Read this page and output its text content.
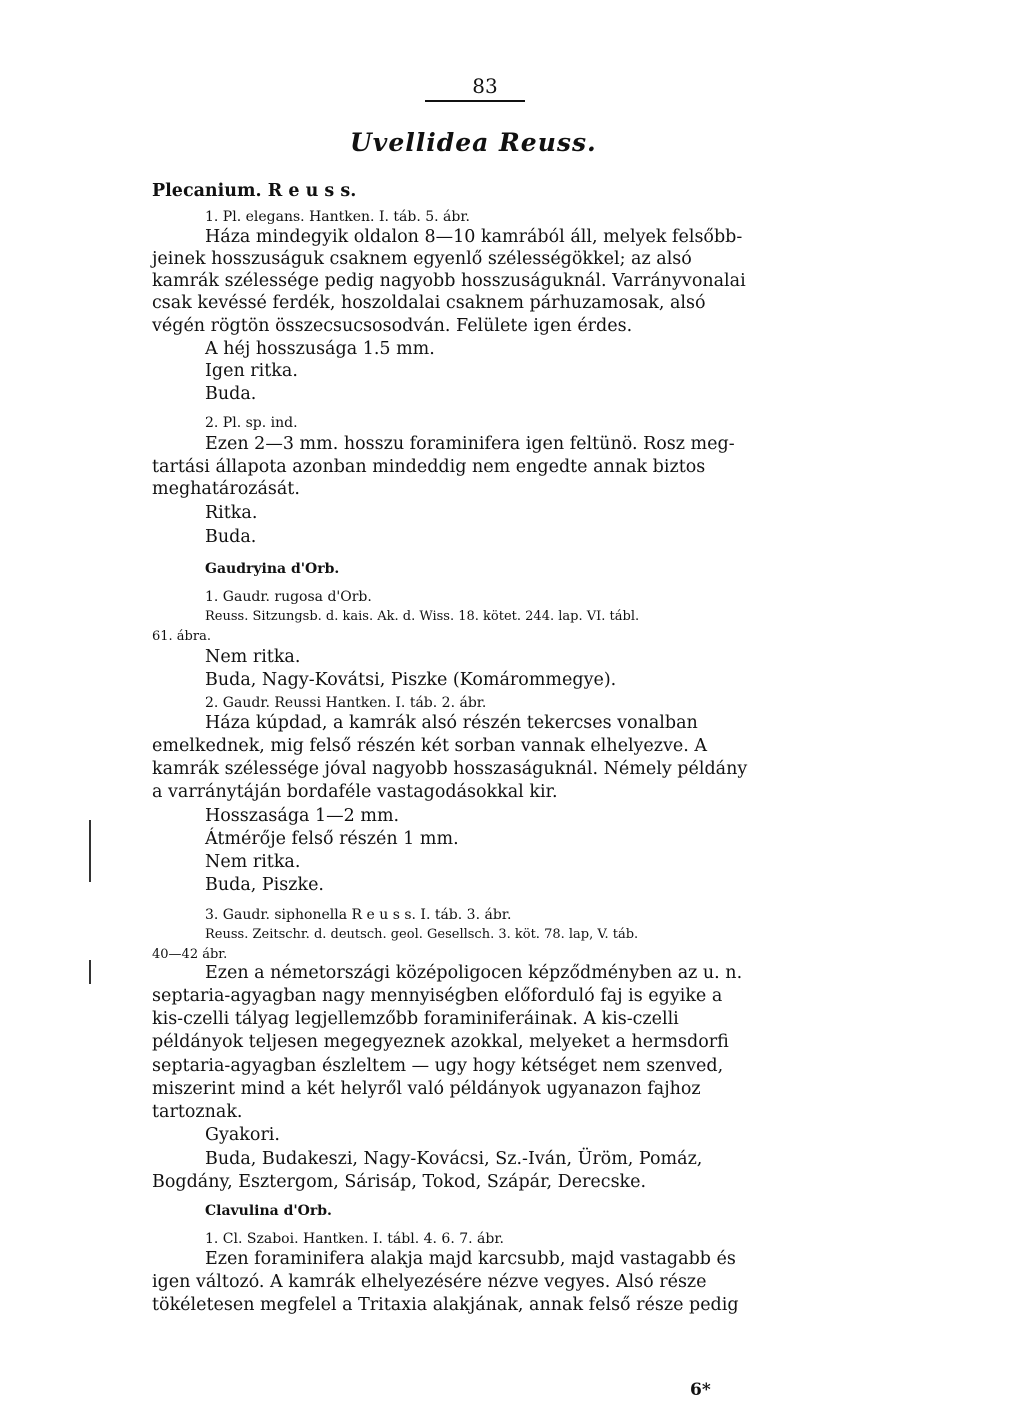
83
Uvellidea Reuss.
Plecanium. R e u s s.
1. Pl. elegans. Hantken. I. táb. 5. ábr.
Háza mindegyik oldalon 8—10 kamrából áll, melyek felsőbb-
jeinek hosszuságuk csaknem egyenlő szélességökkel; az alsó
kamrák szélessége pedig nagyobb hosszuságuknál. Varrányvonalai
csak kevéssé ferdék, hoszoldalai csaknem párhuzamosak, alsó
végén rögtön összecsucsosodván. Felülete igen érdes.
A héj hosszusága 1.5 mm.
Igen ritka.
Buda.
2. Pl. sp. ind.
Ezen 2—3 mm. hosszu foraminifera igen feltünö. Rosz meg-
tartási állapota azonban mindeddig nem engedte annak biztos
meghatározását.
Ritka.
Buda.
Gaudryina d'Orb.
1. Gaudr. rugosa d'Orb.
Reuss. Sitzungsb. d. kais. Ak. d. Wiss. 18. kötet. 244. lap. VI. tábl.
61. ábra.
Nem ritka.
Buda, Nagy-Kovátsi, Piszke (Komárommegye).
2. Gaudr. Reussi Hantken. I. táb. 2. ábr.
Háza kúpdad, a kamrák alsó részén tekercses vonalban
emelkednek, mig felső részén két sorban vannak elhelyezve. A
kamrák szélessége jóval nagyobb hosszaságuknál. Némely példány
a varránytáján bordaféle vastagodásokkal kir.
Hosszasága 1—2 mm.
Átmérője felső részén 1 mm.
Nem ritka.
Buda, Piszke.
3. Gaudr. siphonella R e u s s. I. táb. 3. ábr.
Reuss. Zeitschr. d. deutsch. geol. Gesellsch. 3. köt. 78. lap, V. táb.
40—42 ábr.
Ezen a németországi középoligocen képződményben az u. n.
septaria-agyagban nagy mennyiségben előforduló faj is egyike a
kis-czelli tályag legjellemzőbb foraminiferáinak. A kis-czelli
példányok teljesen megegyeznek azokkal, melyeket a hermsdorfi
septaria-agyagban észleltem — ugy hogy kétséget nem szenved,
miszerint mind a két helyről való példányok ugyanazon fajhoz
tartoznak.
Gyakori.
Buda, Budakeszi, Nagy-Kovácsi, Sz.-Iván, Üröm, Pomáz,
Bogdány, Esztergom, Sárisáp, Tokod, Szápár, Derecske.
Clavulina d'Orb.
1. Cl. Szaboi. Hantken. I. tábl. 4. 6. 7. ábr.
Ezen foraminifera alakja majd karcsubb, majd vastagabb és
igen változó. A kamrák elhelyezésére nézve vegyes. Alsó része
tökéletesen megfelel a Tritaxia alakjának, annak felső része pedig
6*
